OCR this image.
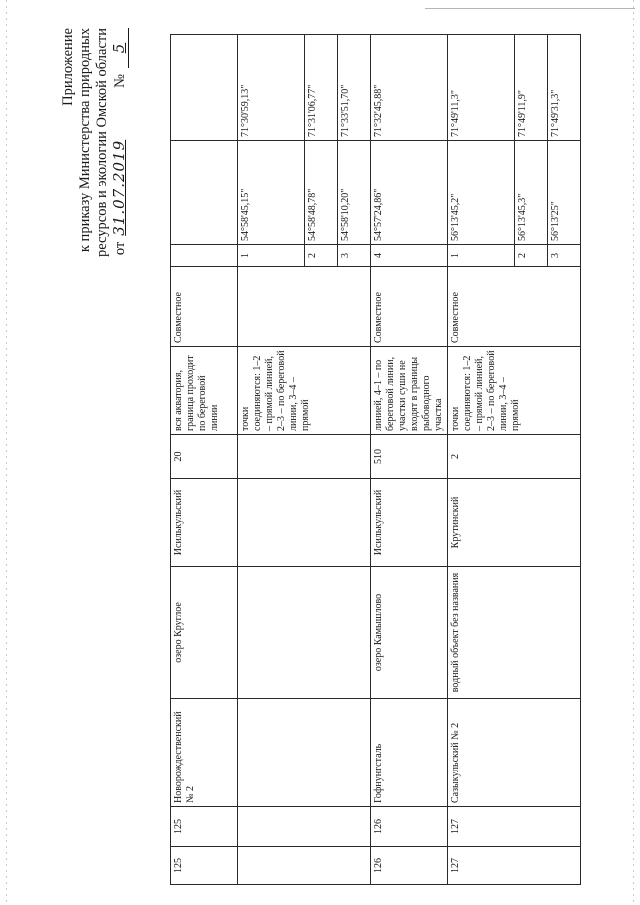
Приложение к приказу Министерства природных ресурсов и экологии Омской области от
31.07.2019
№
5
125	125	Новорождественский № 2	озеро Круглое	Исилькульский	20	вся акватория, граница проходит по береговой линии	Совместное			
						точки соединяются: 1–2 – прямой линией, 2–3 – по береговой линии, 3–4 – прямой		1	54°58'45,15"	71°30'59,13"
								2	54°58'48,78"	71°31'06,77"
								3	54°58'10,20"	71°33'51,70"
126	126	Гофнунгсталь	озеро Камышлово	Исилькульский	510	линией, 4–1 – по береговой линии, участки суши не входят в границы рыбоводного участка	Совместное	4	54°57'24,86"	71°32'45,88"
127	127	Сазыкульский № 2	водный объект без названия	Крутинский	2	точки соединяются: 1–2 – прямой линией, 2–3 – по береговой линии, 3–4 – прямой	Совместное	1	56°13'45,2"	71°49'11,3"
								2	56°13'45,3"	71°49'11,9"
								3	56°13'25"	71°49'31,3"
